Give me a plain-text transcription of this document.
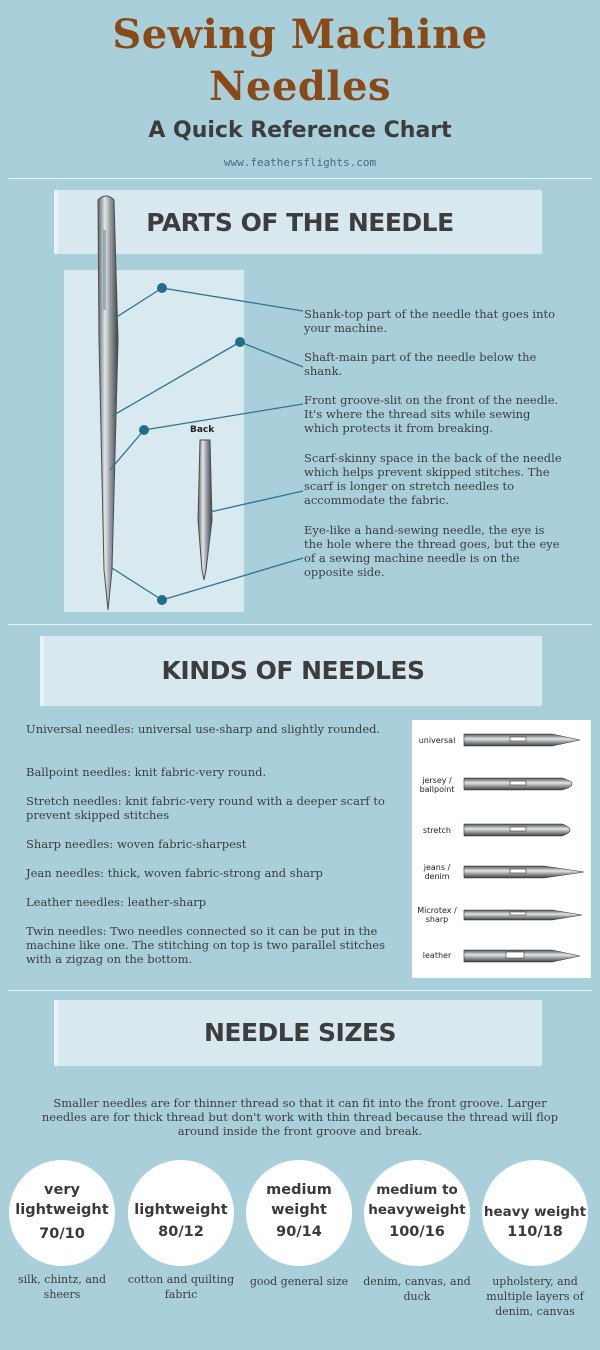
Sewing Machine
Needles
A Quick Reference Chart
www.feathersflights.com
PARTS OF THE NEEDLE
Back
Shank-top part of the needle that goes into your machine.
Shaft-main part of the needle below the shank.
Front groove-slit on the front of the needle. It's where the thread sits while sewing which protects it from breaking.
Scarf-skinny space in the back of the needle which helps prevent skipped stitches. The scarf is longer on stretch needles to accommodate the fabric.
Eye-like a hand-sewing needle, the eye is the hole where the thread goes, but the eye of a sewing machine needle is on the opposite side.
KINDS OF NEEDLES
Universal needles: universal use-sharp and slightly rounded.
Ballpoint needles: knit fabric-very round.
Stretch needles: knit fabric-very round with a deeper scarf to prevent skipped stitches
Sharp needles: woven fabric-sharpest
Jean needles: thick, woven fabric-strong and sharp
Leather needles: leather-sharp
Twin needles: Two needles connected so it can be put in the machine like one. The stitching on top is two parallel stitches with a zigzag on the bottom.
universal
jersey / ballpoint
stretch
jeans / denim
Microtex / sharp
leather
NEEDLE SIZES
Smaller needles are for thinner thread so that it can fit into the front groove. Larger needles are for thick thread but don't work with thin thread because the thread will flop around inside the front groove and break.
very lightweight
70/10
lightweight
80/12
medium weight
90/14
medium to heavyweight
100/16
heavy weight
110/18
silk, chintz, and sheers
cotton and quilting fabric
good general size	denim, canvas, and duck
upholstery, and multiple layers of denim, canvas
